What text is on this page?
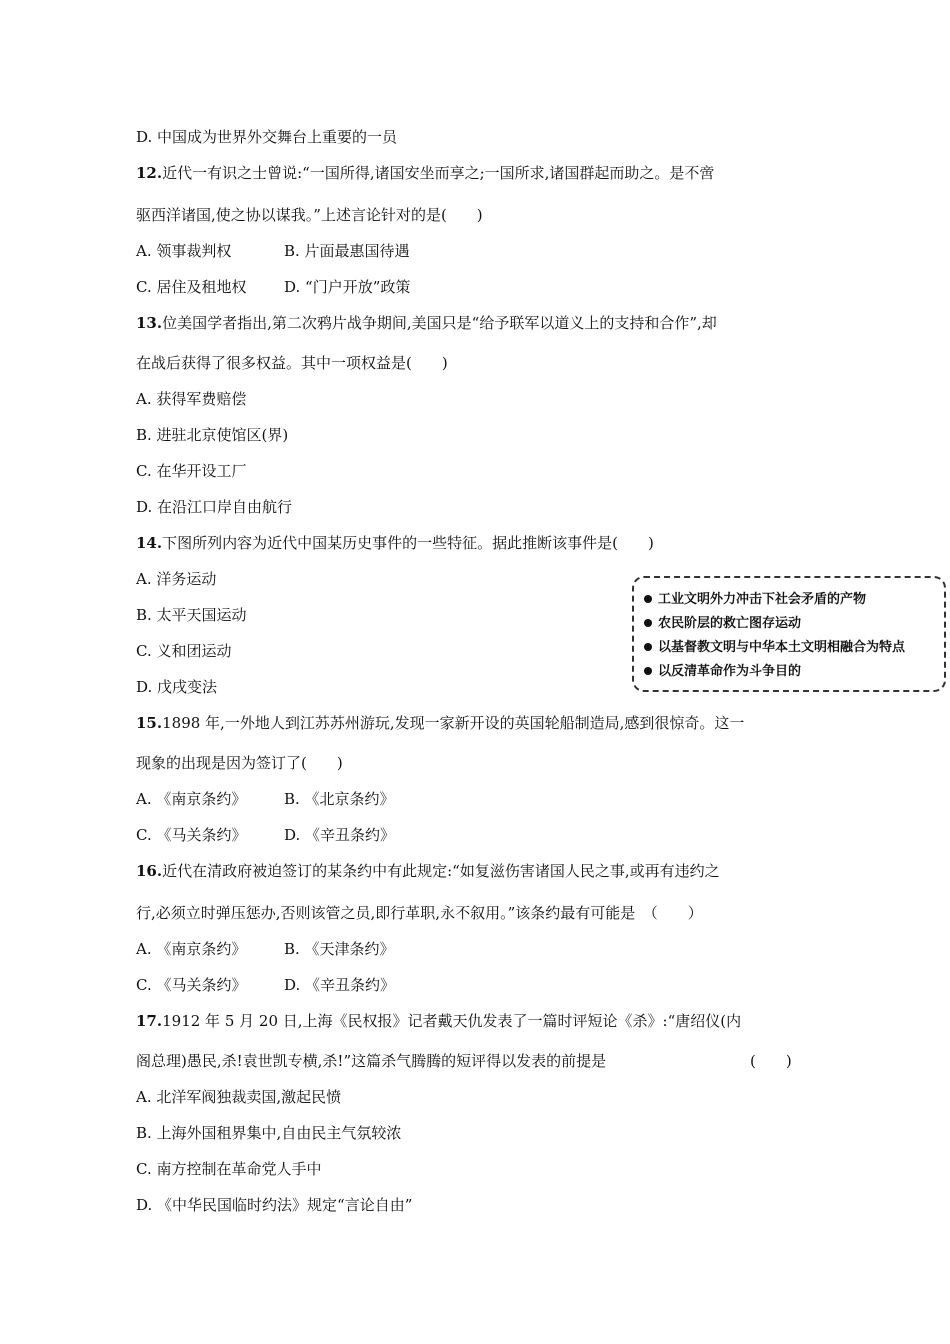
D. 中国成为世界外交舞台上重要的一员
12.近代一有识之士曾说:“一国所得,诸国安坐而享之;一国所求,诸国群起而助之。是不啻
驱西洋诸国,使之协以谋我。”上述言论针对的是(　　)
A. 领事裁判权	B. 片面最惠国待遇
C. 居住及租地权	D. “门户开放”政策
13.位美国学者指出,第二次鸦片战争期间,美国只是“给予联军以道义上的支持和合作”,却
在战后获得了很多权益。其中一项权益是(　　)
A. 获得军费赔偿
B. 进驻北京使馆区(界)
C. 在华开设工厂
D. 在沿江口岸自由航行
14.下图所列内容为近代中国某历史事件的一些特征。据此推断该事件是(　　)
A. 洋务运动
B. 太平天国运动
C. 义和团运动
D. 戊戌变法
工业文明外力冲击下社会矛盾的产物
农民阶层的救亡图存运动
以基督教文明与中华本土文明相融合为特点
以反清革命作为斗争目的
15.1898 年,一外地人到江苏苏州游玩,发现一家新开设的英国轮船制造局,感到很惊奇。这一
现象的出现是因为签订了(　　)
A. 《南京条约》	B. 《北京条约》
C. 《马关条约》	D. 《辛丑条约》
16.近代在清政府被迫签订的某条约中有此规定:“如复滋伤害诸国人民之事,或再有违约之
行,必须立时弹压惩办,否则该管之员,即行革职,永不叙用。”该条约最有可能是　（　　）
A. 《南京条约》	B. 《天津条约》
C. 《马关条约》	D. 《辛丑条约》
17.1912 年 5 月 20 日,上海《民权报》记者戴天仇发表了一篇时评短论《杀》:“唐绍仪(内
阁总理)愚民,杀!袁世凯专横,杀!”这篇杀气腾腾的短评得以发表的前提是	(　　)
A. 北洋军阀独裁卖国,激起民愤
B. 上海外国租界集中,自由民主气氛较浓
C. 南方控制在革命党人手中
D. 《中华民国临时约法》规定“言论自由”
